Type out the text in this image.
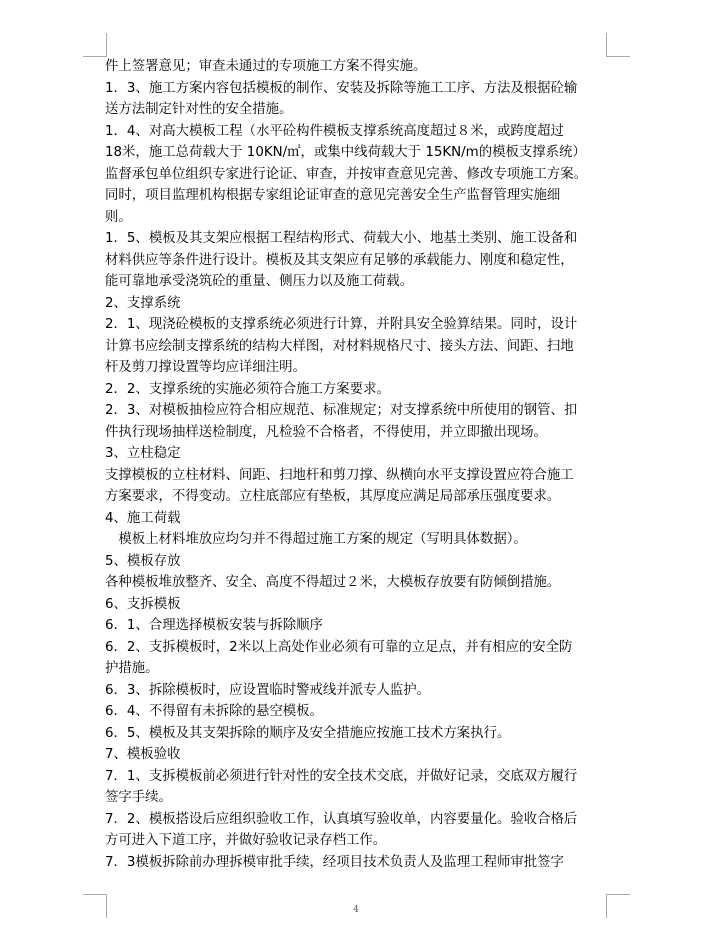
件上签署意见；审查未通过的专项施工方案不得实施。
1．3、施工方案内容包括模板的制作、安装及拆除等施工工序、方法及根据砼输
送方法制定针对性的安全措施。
1．4、对高大模板工程（水平砼构件模板支撑系统高度超过８米，或跨度超过
18米，施工总荷载大于 10KN/㎡，或集中线荷载大于 15KN/m的模板支撑系统）
监督承包单位组织专家进行论证、审查，并按审查意见完善、修改专项施工方案。
同时，项目监理机构根据专家组论证审查的意见完善安全生产监督管理实施细
则。
1．5、模板及其支架应根据工程结构形式、荷载大小、地基土类别、施工设备和
材料供应等条件进行设计。模板及其支架应有足够的承载能力、刚度和稳定性，
能可靠地承受浇筑砼的重量、侧压力以及施工荷载。
2、支撑系统
2．1、现浇砼模板的支撑系统必须进行计算，并附具安全验算结果。同时，设计
计算书应绘制支撑系统的结构大样图，对材料规格尺寸、接头方法、间距、扫地
杆及剪刀撑设置等均应详细注明。
2．2、支撑系统的实施必须符合施工方案要求。
2．3、对模板抽检应符合相应规范、标准规定；对支撑系统中所使用的钢管、扣
件执行现场抽样送检制度，凡检验不合格者，不得使用，并立即撤出现场。
3、立柱稳定
支撑模板的立柱材料、间距、扫地杆和剪刀撑、纵横向水平支撑设置应符合施工
方案要求，不得变动。立柱底部应有垫板，其厚度应满足局部承压强度要求。
4、施工荷载
　模板上材料堆放应均匀并不得超过施工方案的规定（写明具体数据）。
5、模板存放
各种模板堆放整齐、安全、高度不得超过２米，大模板存放要有防倾倒措施。
6、支拆模板
6．1、合理选择模板安装与拆除顺序
6．2、支拆模板时，2米以上高处作业必须有可靠的立足点，并有相应的安全防
护措施。
6．3、拆除模板时，应设置临时警戒线并派专人监护。
6．4、不得留有未拆除的悬空模板。
6．5、模板及其支架拆除的顺序及安全措施应按施工技术方案执行。
7、模板验收
7．1、支拆模板前必须进行针对性的安全技术交底，并做好记录，交底双方履行
签字手续。
7．2、模板搭设后应组织验收工作，认真填写验收单，内容要量化。验收合格后
方可进入下道工序，并做好验收记录存档工作。
7．3模板拆除前办理拆模审批手续，经项目技术负责人及监理工程师审批签字
4
